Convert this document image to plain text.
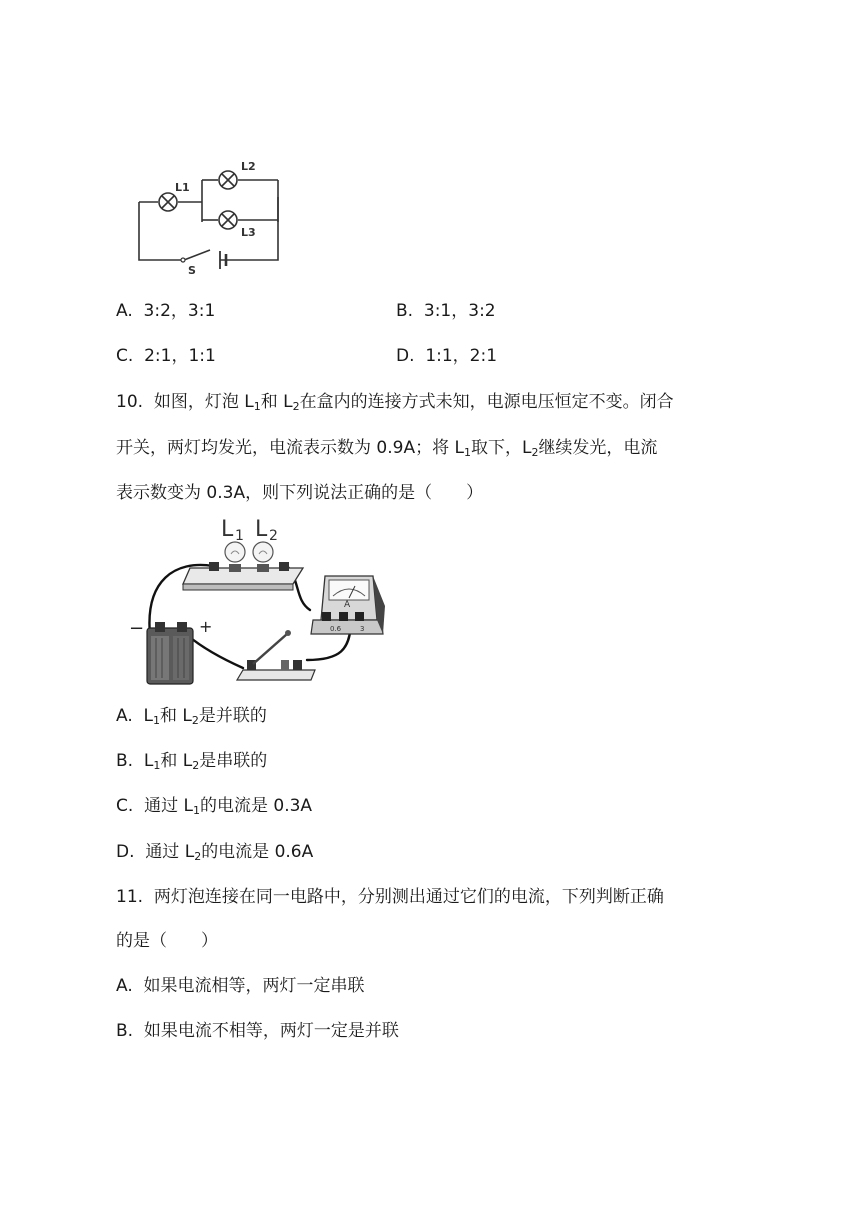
L1
L2
L3
S
A. 3:2，3:1	B. 3:1，3:2
C. 2:1，1:1	D. 1:1，2:1
10. 如图，灯泡 $L_1$和 $L_2$在盒内的连接方式未知，电源电压恒定不变。闭合
开关，两灯均发光，电流表示数为 0.9A；将 $L_1$取下，$L_2$继续发光，电流
表示数变为 0.3A，则下列说法正确的是（　　）
L 1 L 2
A
0.6	3
−	+
A. $L_1$和 $L_2$是并联的
B. $L_1$和 $L_2$是串联的
C. 通过 $L_1$的电流是 0.3A
D. 通过 $L_2$的电流是 0.6A
11. 两灯泡连接在同一电路中，分别测出通过它们的电流，下列判断正确
的是（　　）
A. 如果电流相等，两灯一定串联
B. 如果电流不相等，两灯一定是并联
